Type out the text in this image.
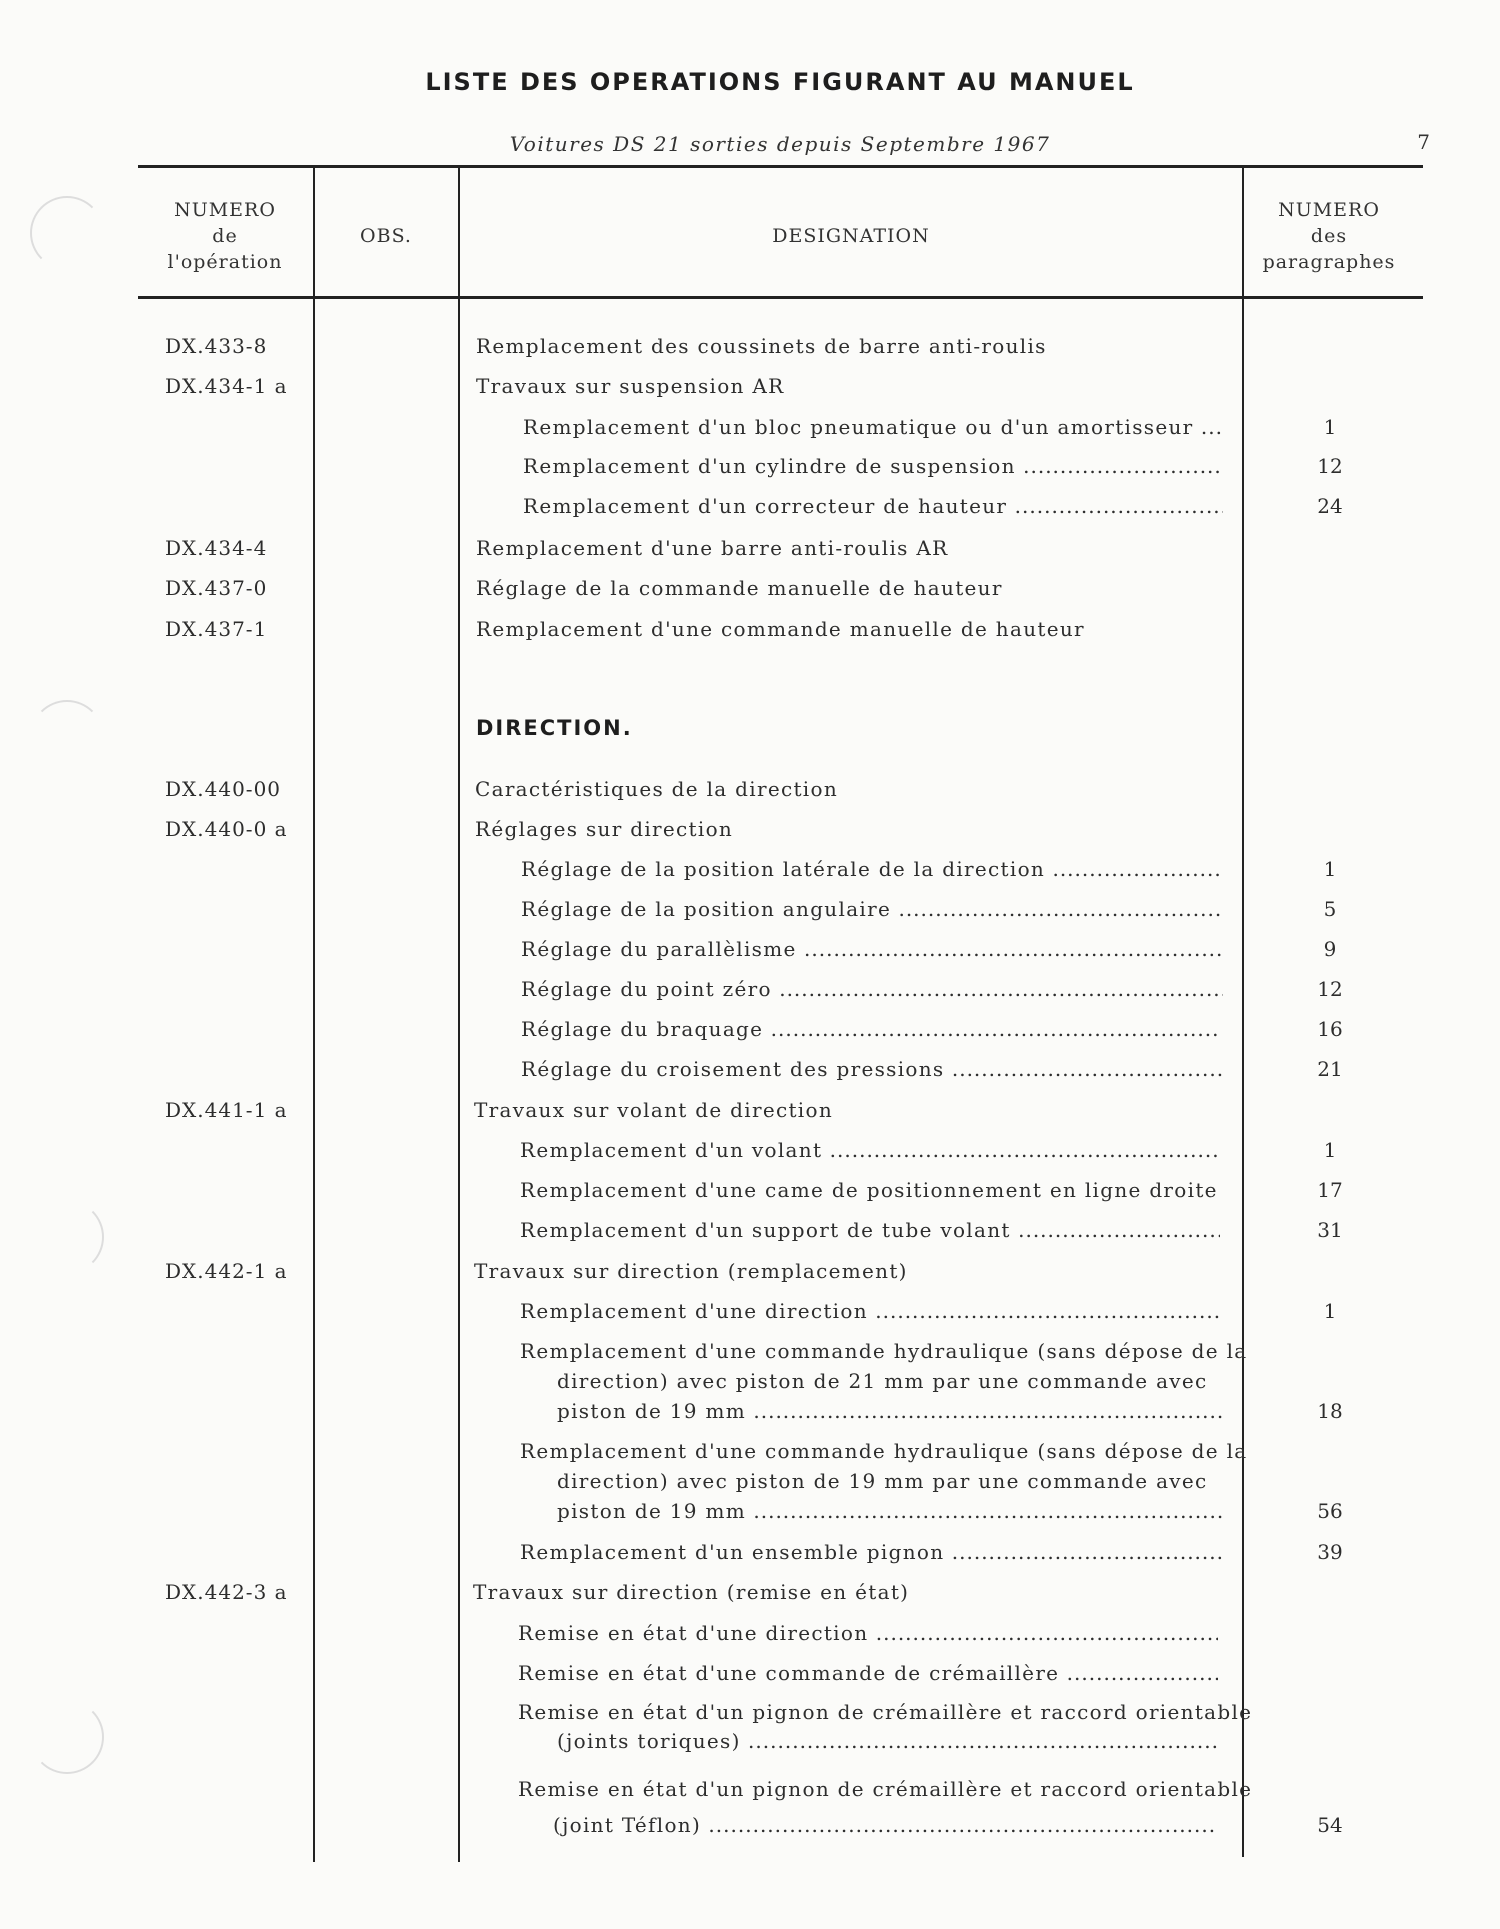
LISTE DES OPERATIONS FIGURANT AU MANUEL
Voitures DS 21 sorties depuis Septembre 1967	7
NUMERO
de
l'opération
OBS.	DESIGNATION
NUMERO
des
paragraphes
DX.433-8	Remplacement des coussinets de barre anti-roulis
DX.434-1 a	Travaux sur suspension AR
Remplacement d'un bloc pneumatique ou d'un amortisseur .....	1
Remplacement d'un cylindre de suspension .....	12
Remplacement d'un correcteur de hauteur .....	24
DX.434-4	Remplacement d'une barre anti-roulis AR
DX.437-0	Réglage de la commande manuelle de hauteur
DX.437-1	Remplacement d'une commande manuelle de hauteur
DIRECTION.
DX.440-00	Caractéristiques de la direction
DX.440-0 a	Réglages sur direction
Réglage de la position latérale de la direction .....	1
Réglage de la position angulaire .....	5
Réglage du parallèlisme .....	9
Réglage du point zéro .....	12
Réglage du braquage .....	16
Réglage du croisement des pressions .....	21
DX.441-1 a	Travaux sur volant de direction
Remplacement d'un volant .....	1
Remplacement d'une came de positionnement en ligne droite .....	17
Remplacement d'un support de tube volant .....	31
DX.442-1 a	Travaux sur direction (remplacement)
Remplacement d'une direction .....	1
Remplacement d'une commande hydraulique (sans dépose de la
direction) avec piston de 21 mm par une commande avec
piston de 19 mm .....	18
Remplacement d'une commande hydraulique (sans dépose de la
direction) avec piston de 19 mm par une commande avec
piston de 19 mm .....	56
Remplacement d'un ensemble pignon .....	39
DX.442-3 a	Travaux sur direction (remise en état)
Remise en état d'une direction .....
Remise en état d'une commande de crémaillère .....
Remise en état d'un pignon de crémaillère et raccord orientable
(joints toriques) .....
Remise en état d'un pignon de crémaillère et raccord orientable
(joint Téflon) .....	54
